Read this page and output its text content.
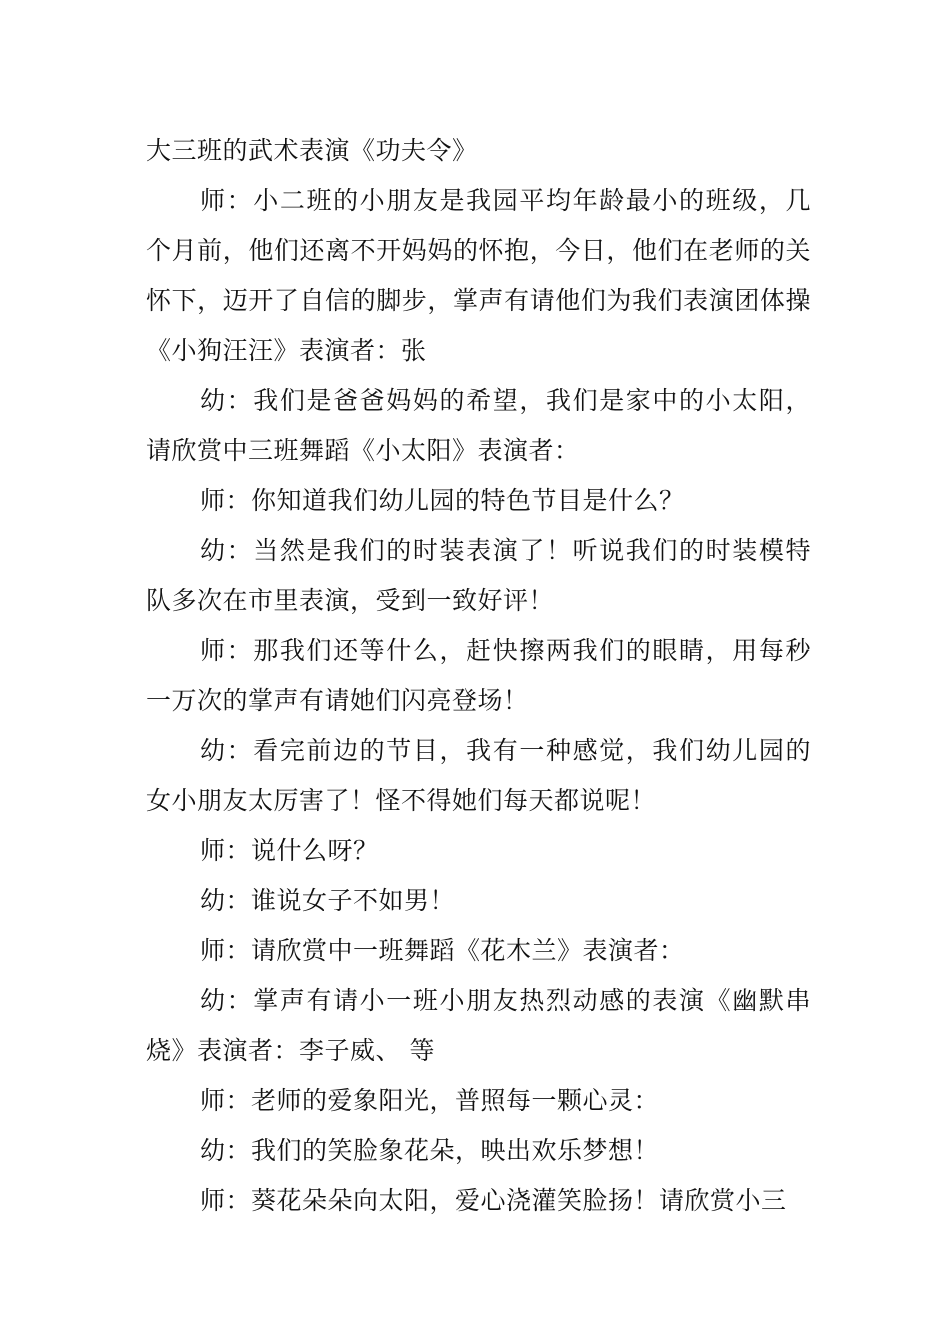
大三班的武术表演《功夫令》

师：小二班的小朋友是我园平均年龄最小的班级，几个月前，他们还离不开妈妈的怀抱，今日，他们在老师的关怀下，迈开了自信的脚步，掌声有请他们为我们表演团体操《小狗汪汪》表演者：张

幼：我们是爸爸妈妈的希望，我们是家中的小太阳，请欣赏中三班舞蹈《小太阳》表演者：

师：你知道我们幼儿园的特色节目是什么？

幼：当然是我们的时装表演了！听说我们的时装模特队多次在市里表演，受到一致好评！

师：那我们还等什么，赶快擦两我们的眼睛，用每秒一万次的掌声有请她们闪亮登场！

幼：看完前边的节目，我有一种感觉，我们幼儿园的女小朋友太厉害了！怪不得她们每天都说呢！

师：说什么呀？

幼：谁说女子不如男！

师：请欣赏中一班舞蹈《花木兰》表演者：

幼：掌声有请小一班小朋友热烈动感的表演《幽默串烧》表演者：李子威、 等

师：老师的爱象阳光，普照每一颗心灵：

幼：我们的笑脸象花朵，映出欢乐梦想！

师：葵花朵朵向太阳，爱心浇灌笑脸扬！请欣赏小三
